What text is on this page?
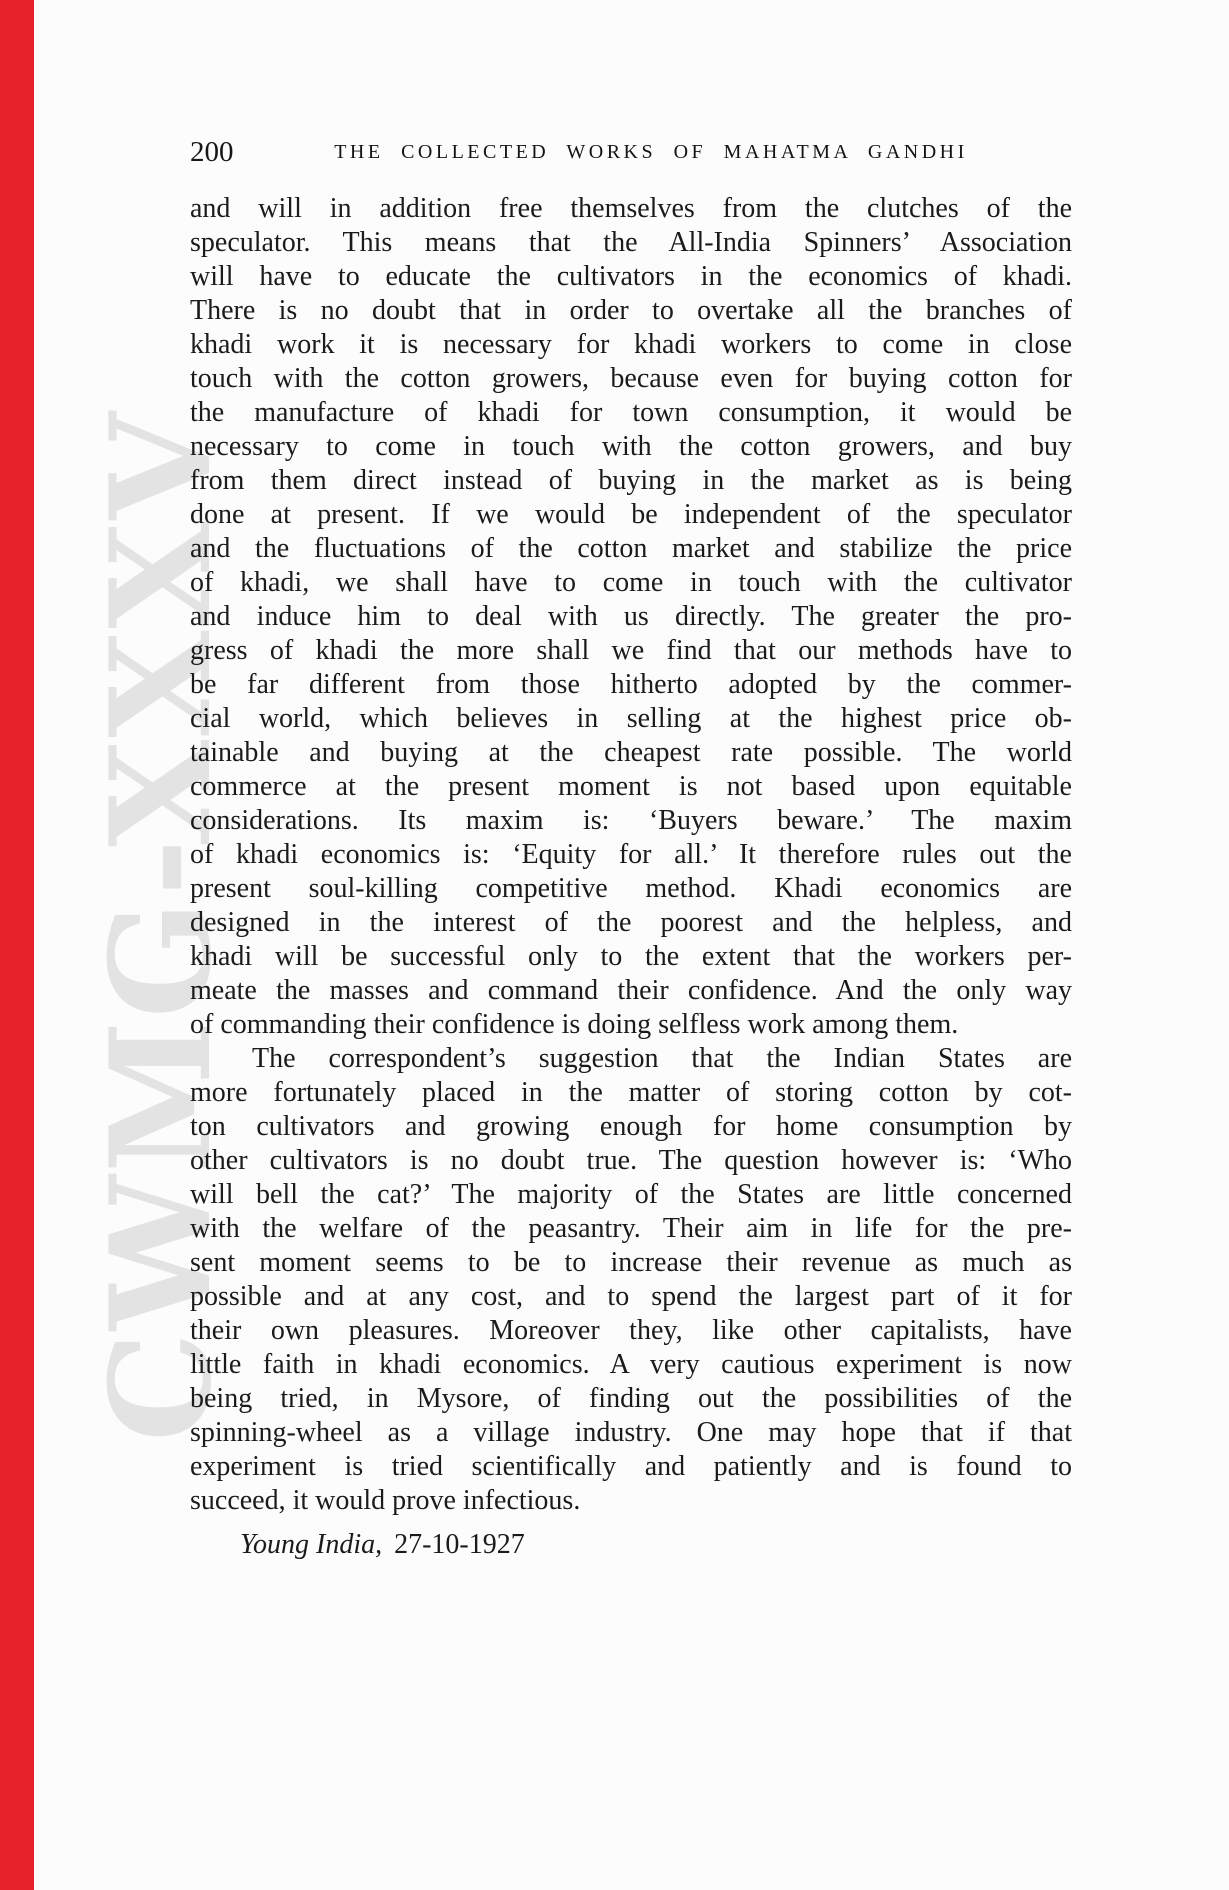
CWMG-XXXV
200	THE COLLECTED WORKS OF MAHATMA GANDHI
and will in addition free themselves from the clutches of the
speculator. This means that the All-India Spinners’ Association
will have to educate the cultivators in the economics of khadi.
There is no doubt that in order to overtake all the branches of
khadi work it is necessary for khadi workers to come in close
touch with the cotton growers, because even for buying cotton for
the manufacture of khadi for town consumption, it would be
necessary to come in touch with the cotton growers, and buy
from them direct instead of buying in the market as is being
done at present. If we would be independent of the speculator
and the fluctuations of the cotton market and stabilize the price
of khadi, we shall have to come in touch with the cultivator
and induce him to deal with us directly. The greater the pro-
gress of khadi the more shall we find that our methods have to
be far different from those hitherto adopted by the commer-
cial world, which believes in selling at the highest price ob-
tainable and buying at the cheapest rate possible. The world
commerce at the present moment is not based upon equitable
considerations. Its maxim is: ‘Buyers beware.’ The maxim
of khadi economics is: ‘Equity for all.’ It therefore rules out the
present soul-killing competitive method. Khadi economics are
designed in the interest of the poorest and the helpless, and
khadi will be successful only to the extent that the workers per-
meate the masses and command their confidence. And the only way
of commanding their confidence is doing selfless work among them.
The correspondent’s suggestion that the Indian States are
more fortunately placed in the matter of storing cotton by cot-
ton cultivators and growing enough for home consumption by
other cultivators is no doubt true. The question however is: ‘Who
will bell the cat?’ The majority of the States are little concerned
with the welfare of the peasantry. Their aim in life for the pre-
sent moment seems to be to increase their revenue as much as
possible and at any cost, and to spend the largest part of it for
their own pleasures. Moreover they, like other capitalists, have
little faith in khadi economics. A very cautious experiment is now
being tried, in Mysore, of finding out the possibilities of the
spinning-wheel as a village industry. One may hope that if that
experiment is tried scientifically and patiently and is found to
succeed, it would prove infectious.
Young India, 27-10-1927
